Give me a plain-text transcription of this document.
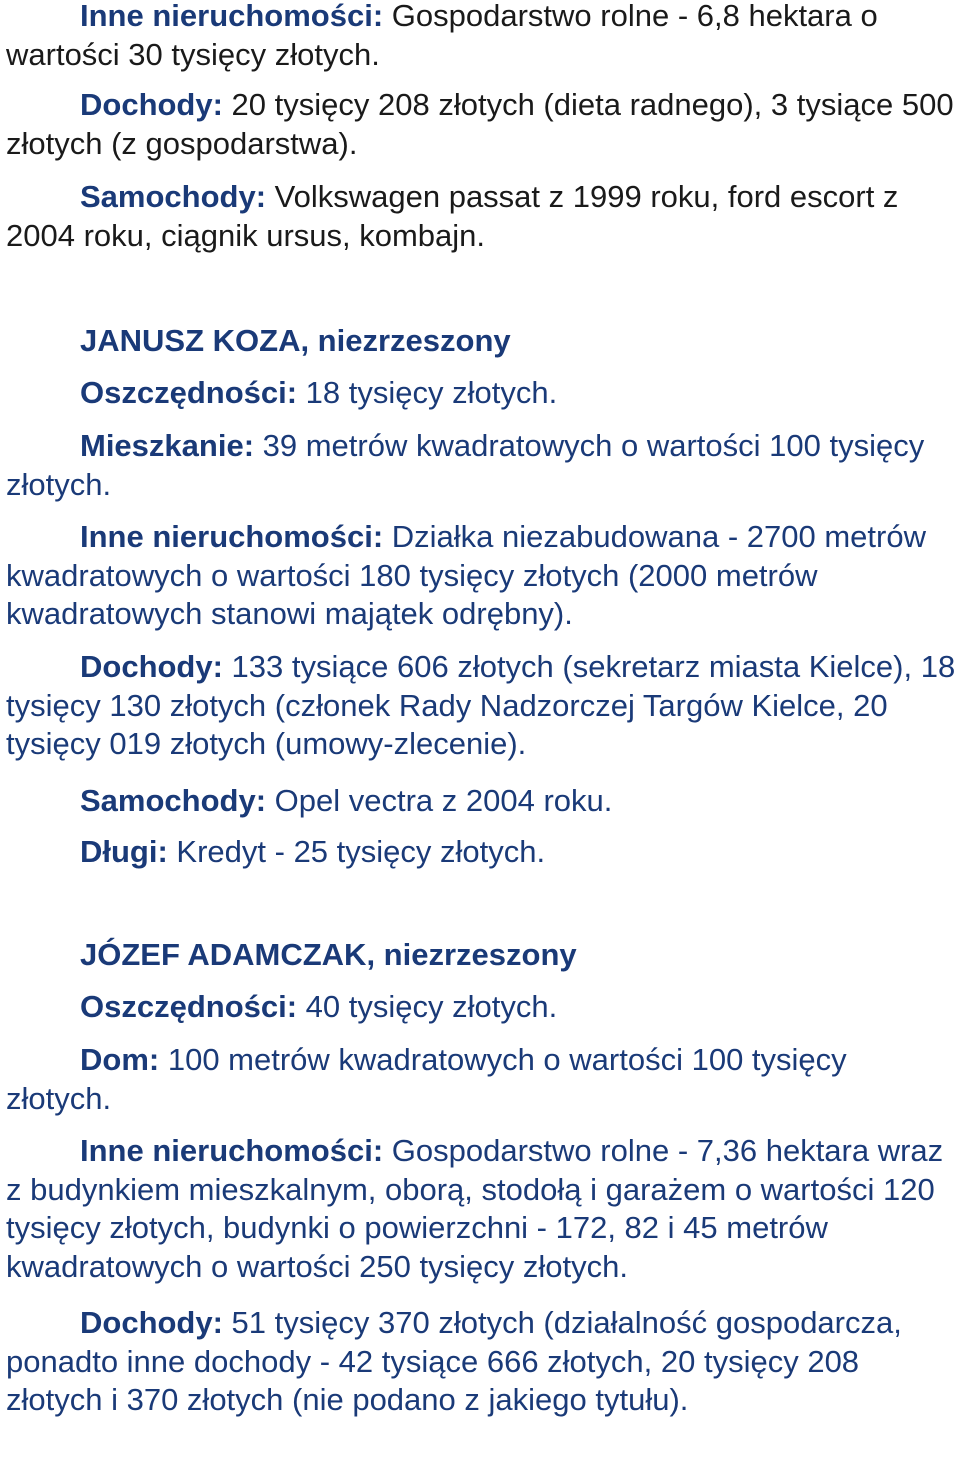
Inne nieruchomości: Gospodarstwo rolne - 6,8 hektara o wartości 30 tysięcy złotych.

Dochody: 20 tysięcy 208 złotych (dieta radnego), 3 tysiące 500 złotych (z gospodarstwa).

Samochody: Volkswagen passat z 1999 roku, ford escort z 2004 roku, ciągnik ursus, kombajn.

JANUSZ KOZA, niezrzeszony

Oszczędności: 18 tysięcy złotych.

Mieszkanie: 39 metrów kwadratowych o wartości 100 tysięcy złotych.

Inne nieruchomości: Działka niezabudowana - 2700 metrów kwadratowych o wartości 180 tysięcy złotych (2000 metrów kwadratowych stanowi majątek odrębny).

Dochody: 133 tysiące 606 złotych (sekretarz miasta Kielce), 18 tysięcy 130 złotych (członek Rady Nadzorczej Targów Kielce, 20 tysięcy 019 złotych (umowy-zlecenie).

Samochody: Opel vectra z 2004 roku.

Długi: Kredyt - 25 tysięcy złotych.

JÓZEF ADAMCZAK, niezrzeszony

Oszczędności: 40 tysięcy złotych.

Dom: 100 metrów kwadratowych o wartości 100 tysięcy złotych.

Inne nieruchomości: Gospodarstwo rolne - 7,36 hektara wraz z budynkiem mieszkalnym, oborą, stodołą i garażem o wartości 120 tysięcy złotych, budynki o powierzchni - 172, 82 i 45 metrów kwadratowych o wartości 250 tysięcy złotych.

Dochody: 51 tysięcy 370 złotych (działalność gospodarcza, ponadto inne dochody - 42 tysiące 666 złotych, 20 tysięcy 208 złotych i 370 złotych (nie podano z jakiego tytułu).
